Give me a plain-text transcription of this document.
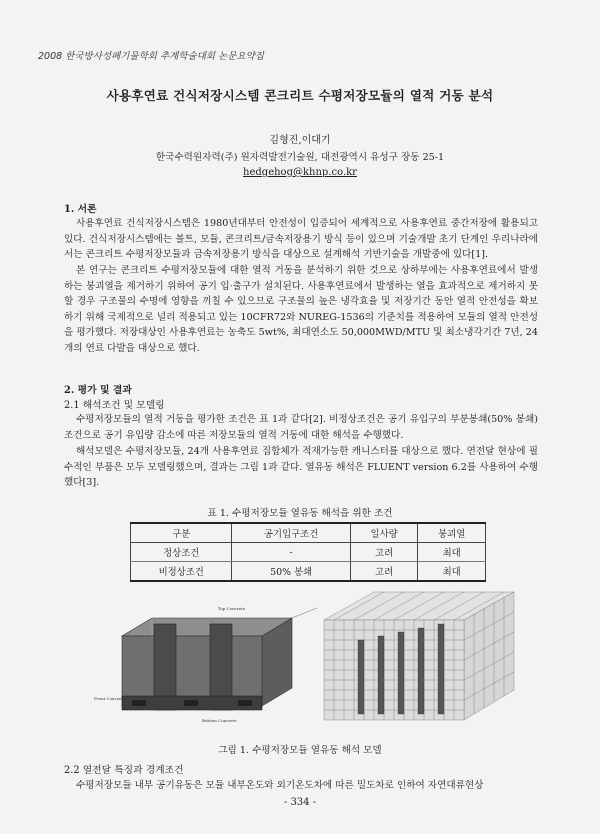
2008 한국방사성폐기물학회 추계학술대회 논문요약집
사용후연료 건식저장시스템 콘크리트 수평저장모듈의 열적 거동 분석
김형진,이대기
한국수력원자력(주) 원자력발전기술원, 대전광역시 유성구 장동 25-1
hedgehog@khnp.co.kr
1. 서론
사용후연료 건식저장시스템은 1980년대부터 안전성이 입증되어 세계적으로 사용후연료 중간저장에 활용되고 있다. 건식저장시스템에는 볼트, 모듈, 콘크리트/금속저장용기 방식 등이 있으며 기술개발 초기 단계인 우리나라에서는 콘크리트 수평저장모듈과 금속저장용기 방식을 대상으로 설계해석 기반기술을 개발중에 있다[1].
본 연구는 콘크리트 수평저장모듈에 대한 열적 거동을 분석하기 위한 것으로 상하부에는 사용후연료에서 발생하는 붕괴열을 제거하기 위하여 공기 입·출구가 설치된다. 사용후연료에서 발생하는 열을 효과적으로 제거하지 못할 경우 구조물의 수명에 영향을 끼칠 수 있으므로 구조물의 높은 냉각효율 및 저장기간 동안 열적 안전성을 확보하기 위해 국제적으로 널리 적용되고 있는 10CFR72와 NUREG-1536의 기준치를 적용하여 모듈의 열적 안전성을 평가했다. 저장대상인 사용후연료는 농축도 5wt%, 최대연소도 50,000MWD/MTU 및 최소냉각기간 7년, 24개의 연료 다발을 대상으로 했다.
2. 평가 및 결과
2.1 해석조건 및 모델링
수평저장모듈의 열적 거동을 평가한 조건은 표 1과 같다[2]. 비정상조건은 공기 유입구의 부분봉쇄(50% 봉쇄) 조건으로 공기 유입량 감소에 따른 저장모듈의 열적 거동에 대한 해석을 수행했다.
해석모델은 수평저장모듈, 24개 사용후연료 집합체가 적재가능한 캐니스터를 대상으로 했다. 연전달 현상에 필수적인 부품은 모두 모델링했으며, 결과는 그림 1과 같다. 열유동 해석은 FLUENT version 6.2를 사용하여 수행했다[3].
표 1. 수평저장모듈 열유동 해석을 위한 조건
구분	공기입구조건	일사량	붕괴열
정상조건	-	고려	최대
비정상조건	50% 봉쇄	고려	최대
Top Concrete
Front Concrete
Bottom Concrete
그림 1. 수평저장모듈 열유동 해석 모델
2.2 열전달 특징과 경계조건
수평저장모듈 내부 공기유동은 모듈 내부온도와 외기온도차에 따른 밀도차로 인하여 자연대류현상
- 334 -
